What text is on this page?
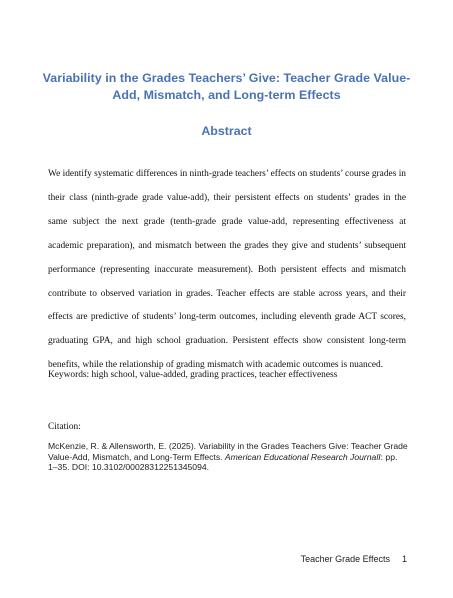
Variability in the Grades Teachers’ Give: Teacher Grade Value-Add, Mismatch, and Long-term Effects
Abstract

We identify systematic differences in ninth-grade teachers’ effects on students’ course grades in their class (ninth-grade grade value-add), their persistent effects on students’ grades in the same subject the next grade (tenth-grade grade value-add, representing effectiveness at academic preparation), and mismatch between the grades they give and students’ subsequent performance (representing inaccurate measurement). Both persistent effects and mismatch contribute to observed variation in grades. Teacher effects are stable across years, and their effects are predictive of students’ long-term outcomes, including eleventh grade ACT scores, graduating GPA, and high school graduation. Persistent effects show consistent long-term benefits, while the relationship of grading mismatch with academic outcomes is nuanced.

Keywords: high school, value-added, grading practices, teacher effectiveness

Citation:

McKenzie, R. & Allensworth, E. (2025). Variability in the Grades Teachers Give: Teacher Grade Value-Add, Mismatch, and Long-Term Effects. American Educational Research JournalI: pp. 1–35. DOI: 10.3102/00028312251345094.

Teacher Grade Effects 1
